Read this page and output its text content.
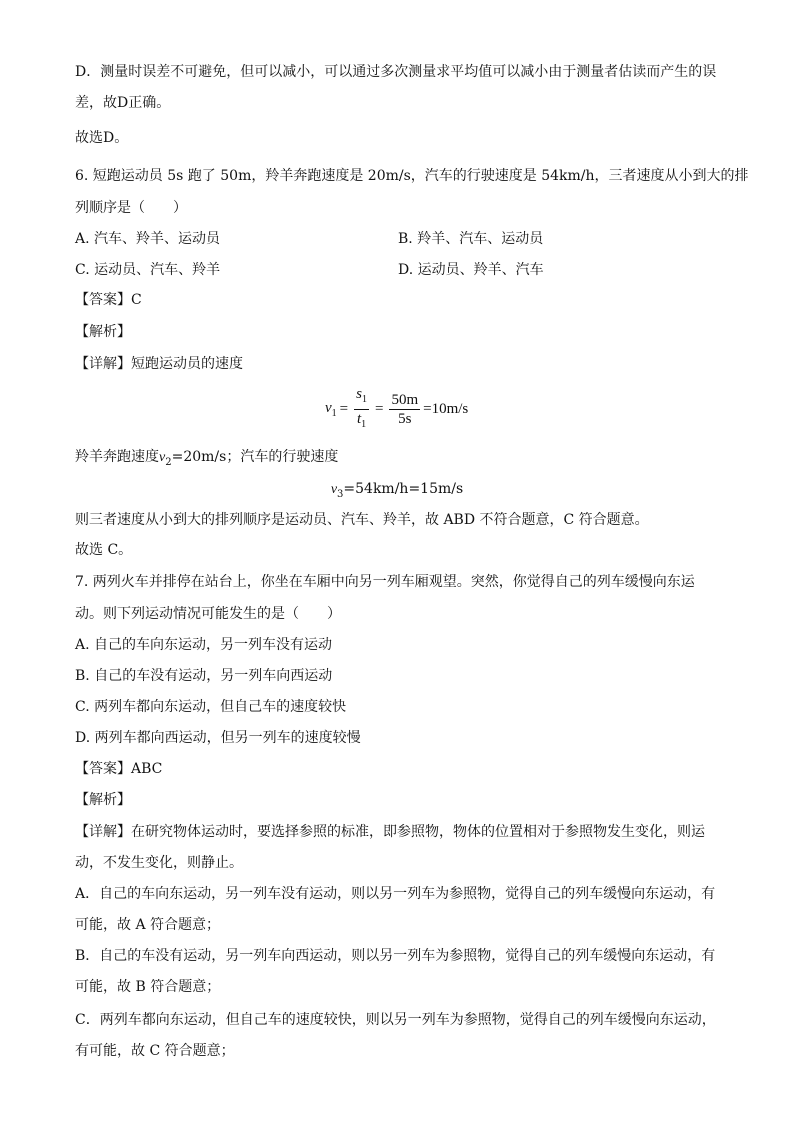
D．测量时误差不可避免，但可以减小，可以通过多次测量求平均值可以减小由于测量者估读而产生的误
差，故D正确。
故选D。
6. 短跑运动员 5s 跑了 50m，羚羊奔跑速度是 20m/s，汽车的行驶速度是 54km/h，三者速度从小到大的排
列顺序是（　　）
A. 汽车、羚羊、运动员	B. 羚羊、汽车、运动员
C. 运动员、汽车、羚羊	D. 运动员、羚羊、汽车
【答案】C
【解析】
【详解】短跑运动员的速度
$v_1 = \frac{s_1}{t_1} = \frac{50m}{5s} =10m/s$
羚羊奔跑速度$v_2=20m/s$；汽车的行驶速度
$v_3=54km/h=15m/s$
则三者速度从小到大的排列顺序是运动员、汽车、羚羊，故 ABD 不符合题意，C 符合题意。
故选 C。
7. 两列火车并排停在站台上，你坐在车厢中向另一列车厢观望。突然，你觉得自己的列车缓慢向东运
动。则下列运动情况可能发生的是（　　）
A. 自己的车向东运动，另一列车没有运动
B. 自己的车没有运动，另一列车向西运动
C. 两列车都向东运动，但自己车的速度较快
D. 两列车都向西运动，但另一列车的速度较慢
【答案】ABC
【解析】
【详解】在研究物体运动时，要选择参照的标准，即参照物，物体的位置相对于参照物发生变化，则运
动，不发生变化，则静止。
A．自己的车向东运动，另一列车没有运动，则以另一列车为参照物，觉得自己的列车缓慢向东运动，有
可能，故 A 符合题意；
B．自己的车没有运动，另一列车向西运动，则以另一列车为参照物，觉得自己的列车缓慢向东运动，有
可能，故 B 符合题意；
C．两列车都向东运动，但自己车的速度较快，则以另一列车为参照物，觉得自己的列车缓慢向东运动，
有可能，故 C 符合题意；
